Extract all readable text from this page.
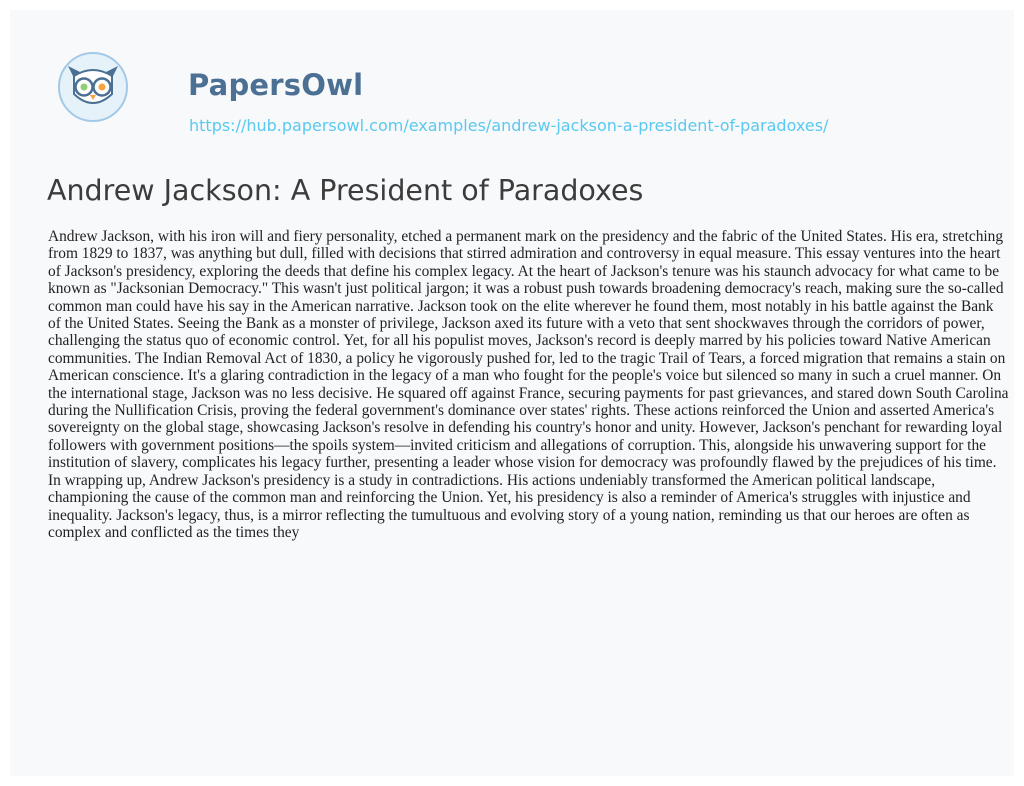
PapersOwl
https://hub.papersowl.com/examples/andrew-jackson-a-president-of-paradoxes/
Andrew Jackson: A President of Paradoxes

Andrew Jackson, with his iron will and fiery personality, etched a permanent mark on the presidency and the fabric of the United States. His era, stretching from 1829 to 1837, was anything but dull, filled with decisions that stirred admiration and controversy in equal measure. This essay ventures into the heart of Jackson's presidency, exploring the deeds that define his complex legacy. At the heart of Jackson's tenure was his staunch advocacy for what came to be known as "Jacksonian Democracy." This wasn't just political jargon; it was a robust push towards broadening democracy's reach, making sure the so-called common man could have his say in the American narrative. Jackson took on the elite wherever he found them, most notably in his battle against the Bank of the United States. Seeing the Bank as a monster of privilege, Jackson axed its future with a veto that sent shockwaves through the corridors of power, challenging the status quo of economic control. Yet, for all his populist moves, Jackson's record is deeply marred by his policies toward Native American communities. The Indian Removal Act of 1830, a policy he vigorously pushed for, led to the tragic Trail of Tears, a forced migration that remains a stain on American conscience. It's a glaring contradiction in the legacy of a man who fought for the people's voice but silenced so many in such a cruel manner. On the international stage, Jackson was no less decisive. He squared off against France, securing payments for past grievances, and stared down South Carolina during the Nullification Crisis, proving the federal government's dominance over states' rights. These actions reinforced the Union and asserted America's sovereignty on the global stage, showcasing Jackson's resolve in defending his country's honor and unity. However, Jackson's penchant for rewarding loyal followers with government positions—the spoils system—invited criticism and allegations of corruption. This, alongside his unwavering support for the institution of slavery, complicates his legacy further, presenting a leader whose vision for democracy was profoundly flawed by the prejudices of his time. In wrapping up, Andrew Jackson's presidency is a study in contradictions. His actions undeniably transformed the American political landscape, championing the cause of the common man and reinforcing the Union. Yet, his presidency is also a reminder of America's struggles with injustice and inequality. Jackson's legacy, thus, is a mirror reflecting the tumultuous and evolving story of a young nation, reminding us that our heroes are often as complex and conflicted as the times they
